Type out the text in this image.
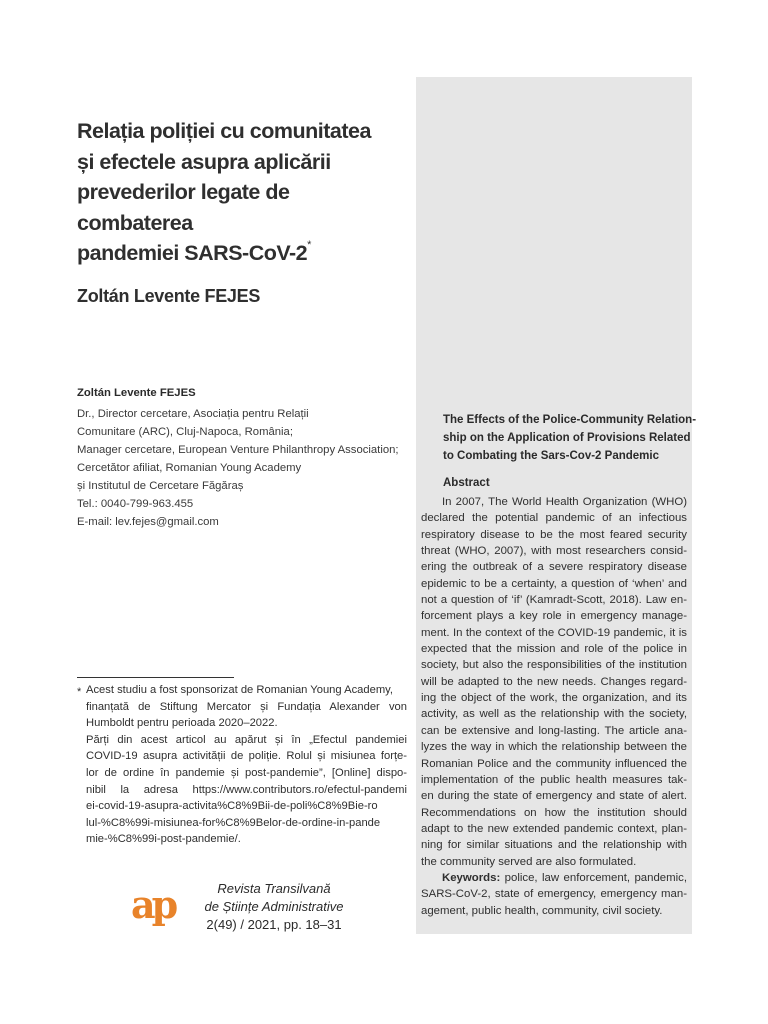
Relația poliției cu comunitatea
și efectele asupra aplicării
prevederilor legate de combaterea
pandemiei SARS-CoV-2*
Zoltán Levente FEJES
Zoltán Levente FEJES
Dr., Director cercetare, Asociația pentru Relații
Comunitare (ARC), Cluj-Napoca, România;
Manager cercetare, European Venture Philanthropy Association;
Cercetător afiliat, Romanian Young Academy
și Institutul de Cercetare Făgăraș
Tel.: 0040-799-963.455
E-mail: lev.fejes@gmail.com
* Acest studiu a fost sponsorizat de Romanian Young Academy,
finanțată de Stiftung Mercator și Fundația Alexander von
Humboldt pentru perioada 2020–2022.
Părți din acest articol au apărut și în „Efectul pandemiei
COVID-19 asupra activității de poliție. Rolul și misiunea forțe-
lor de ordine în pandemie și post-pandemie”, [Online] dispo-
nibil la adresa https://www.contributors.ro/efectul-pandemi
ei-covid-19-asupra-activita%C8%9Bii-de-poli%C8%9Bie-ro
lul-%C8%99i-misiunea-for%C8%9Belor-de-ordine-in-pande
mie-%C8%99i-post-pandemie/.
ap	Revista Transilvană
de Științe Administrative
2(49) / 2021, pp. 18–31
The Effects of the Police-Community Relation-
ship on the Application of Provisions Related
to Combating the Sars-Cov-2 Pandemic
Abstract
In 2007, The World Health Organization (WHO)
declared the potential pandemic of an infectious
respiratory disease to be the most feared security
threat (WHO, 2007), with most researchers consid-
ering the outbreak of a severe respiratory disease
epidemic to be a certainty, a question of ‘when’ and
not a question of ‘if’ (Kamradt-Scott, 2018). Law en-
forcement plays a key role in emergency manage-
ment. In the context of the COVID-19 pandemic, it is
expected that the mission and role of the police in
society, but also the responsibilities of the institution
will be adapted to the new needs. Changes regard-
ing the object of the work, the organization, and its
activity, as well as the relationship with the society,
can be extensive and long-lasting. The article ana-
lyzes the way in which the relationship between the
Romanian Police and the community influenced the
implementation of the public health measures tak-
en during the state of emergency and state of alert.
Recommendations on how the institution should
adapt to the new extended pandemic context, plan-
ning for similar situations and the relationship with
the community served are also formulated.
Keywords: police, law enforcement, pandemic,
SARS-CoV-2, state of emergency, emergency man-
agement, public health, community, civil society.
